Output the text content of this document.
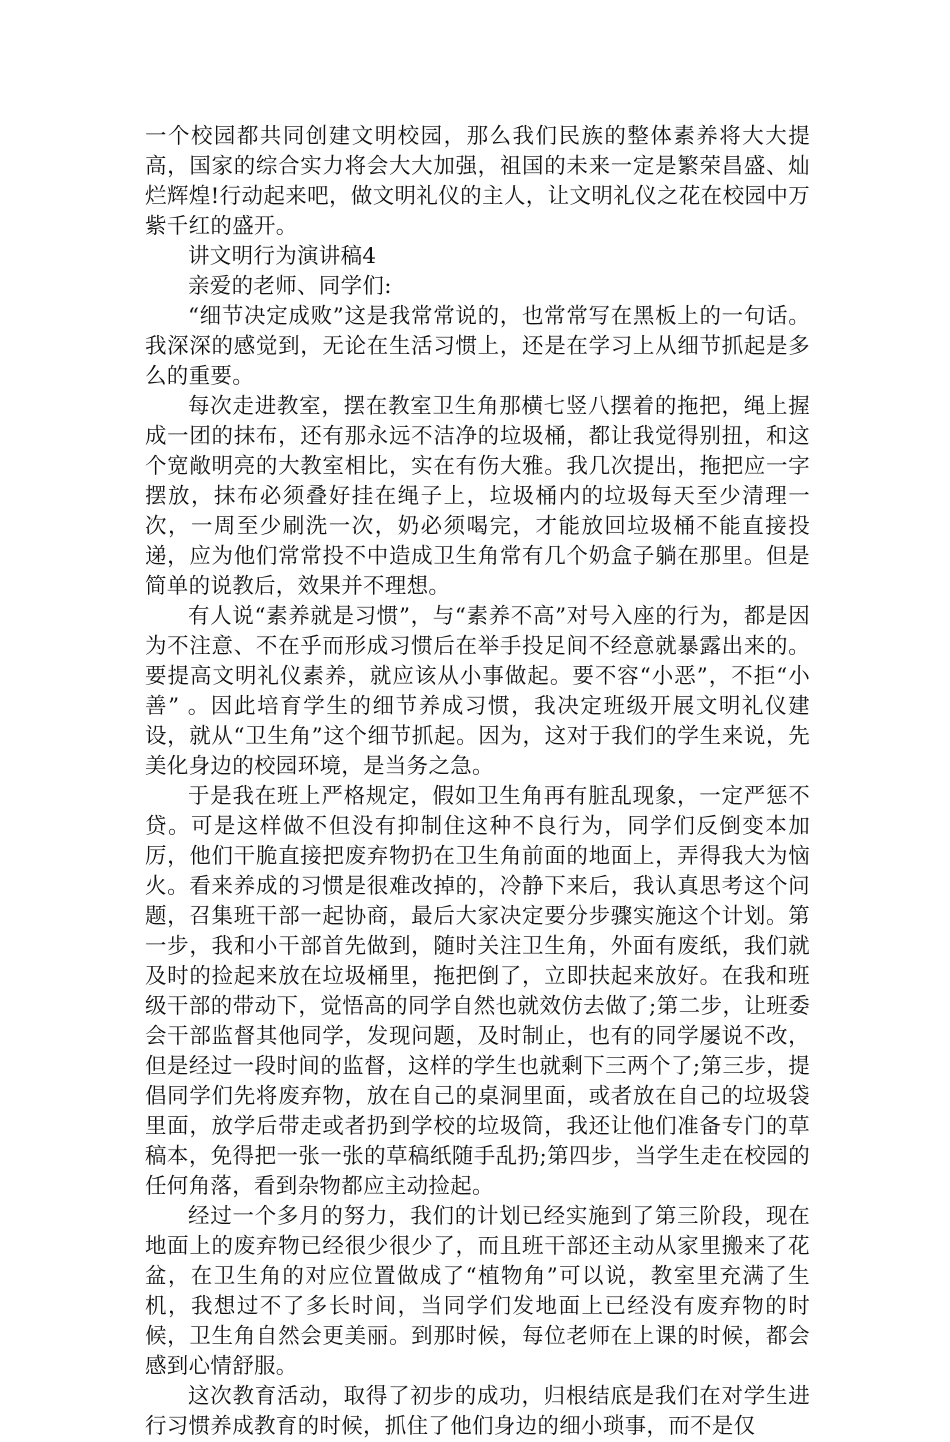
一个校园都共同创建文明校园，那么我们民族的整体素养将大大提高，国家的综合实力将会大大加强，祖国的未来一定是繁荣昌盛、灿烂辉煌!行动起来吧，做文明礼仪的主人，让文明礼仪之花在校园中万紫千红的盛开。

讲文明行为演讲稿4

亲爱的老师、同学们:

“细节决定成败”这是我常常说的，也常常写在黑板上的一句话。我深深的感觉到，无论在生活习惯上，还是在学习上从细节抓起是多么的重要。

每次走进教室，摆在教室卫生角那横七竖八摆着的拖把，绳上握成一团的抹布，还有那永远不洁净的垃圾桶，都让我觉得别扭，和这个宽敞明亮的大教室相比，实在有伤大雅。我几次提出，拖把应一字摆放，抹布必须叠好挂在绳子上，垃圾桶内的垃圾每天至少清理一次，一周至少刷洗一次，奶必须喝完，才能放回垃圾桶不能直接投递，应为他们常常投不中造成卫生角常有几个奶盒子躺在那里。但是简单的说教后，效果并不理想。

有人说“素养就是习惯”，与“素养不高”对号入座的行为，都是因为不注意、不在乎而形成习惯后在举手投足间不经意就暴露出来的。要提高文明礼仪素养，就应该从小事做起。要不容“小恶”，不拒“小善” 。因此培育学生的细节养成习惯，我决定班级开展文明礼仪建设，就从“卫生角”这个细节抓起。因为，这对于我们的学生来说，先美化身边的校园环境，是当务之急。

于是我在班上严格规定，假如卫生角再有脏乱现象，一定严惩不贷。可是这样做不但没有抑制住这种不良行为，同学们反倒变本加厉，他们干脆直接把废弃物扔在卫生角前面的地面上，弄得我大为恼火。看来养成的习惯是很难改掉的，冷静下来后，我认真思考这个问题，召集班干部一起协商，最后大家决定要分步骤实施这个计划。第一步，我和小干部首先做到，随时关注卫生角，外面有废纸，我们就及时的捡起来放在垃圾桶里，拖把倒了，立即扶起来放好。在我和班级干部的带动下，觉悟高的同学自然也就效仿去做了;第二步，让班委会干部监督其他同学，发现问题，及时制止，也有的同学屡说不改，但是经过一段时间的监督，这样的学生也就剩下三两个了;第三步，提倡同学们先将废弃物，放在自己的桌洞里面，或者放在自己的垃圾袋里面，放学后带走或者扔到学校的垃圾筒，我还让他们准备专门的草稿本，免得把一张一张的草稿纸随手乱扔;第四步，当学生走在校园的任何角落，看到杂物都应主动捡起。

经过一个多月的努力，我们的计划已经实施到了第三阶段，现在地面上的废弃物已经很少很少了，而且班干部还主动从家里搬来了花盆，在卫生角的对应位置做成了“植物角”可以说，教室里充满了生机，我想过不了多长时间，当同学们发地面上已经没有废弃物的时候，卫生角自然会更美丽。到那时候，每位老师在上课的时候，都会感到心情舒服。

这次教育活动，取得了初步的成功，归根结底是我们在对学生进行习惯养成教育的时候，抓住了他们身边的细小琐事，而不是仅
